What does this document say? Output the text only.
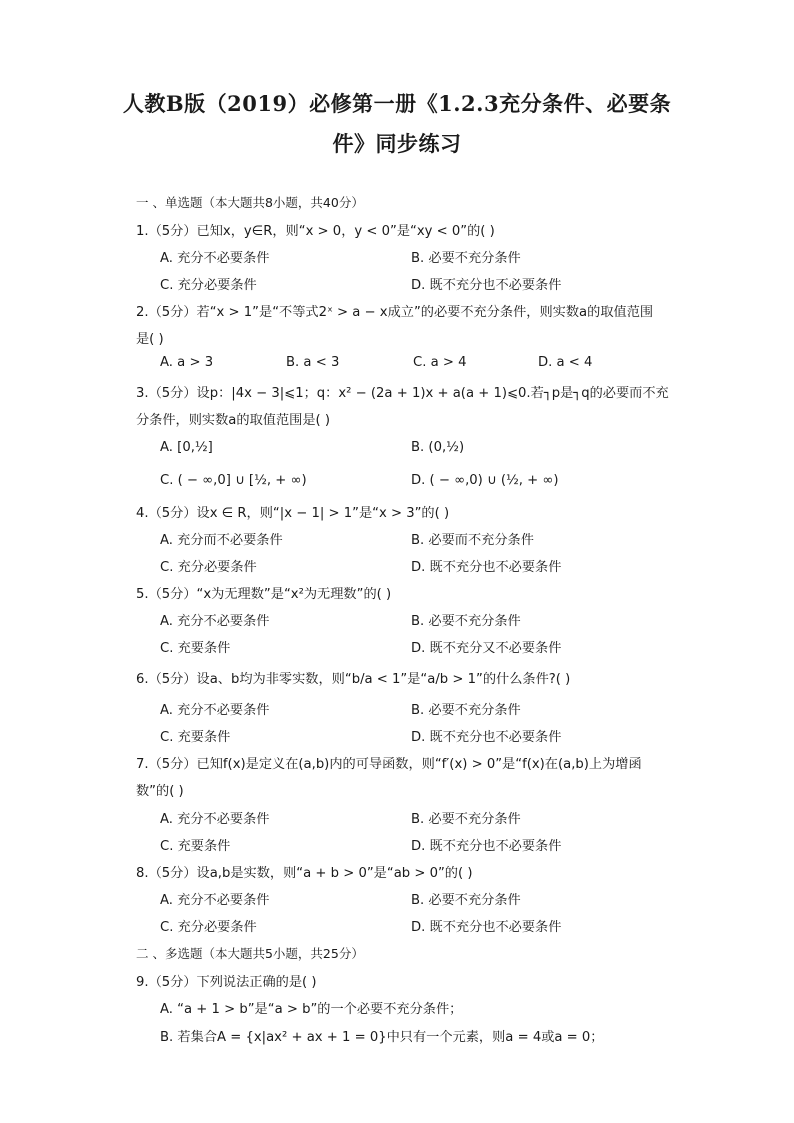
人教B版（2019）必修第一册《1.2.3充分条件、必要条
件》同步练习
一 、单选题（本大题共8小题，共40分）
1.（5分）已知x，y∈R，则“x > 0，y < 0”是“xy < 0”的( )
A. 充分不必要条件	B. 必要不充分条件
C. 充分必要条件	D. 既不充分也不必要条件
2.（5分）若“x > 1”是“不等式2ˣ > a − x成立”的必要不充分条件，则实数a的取值范围
是( )
A. a > 3	B. a < 3	C. a > 4	D. a < 4
3.（5分）设p：|4x − 3|⩽1；q：x² − (2a + 1)x + a(a + 1)⩽0.若┐p是┐q的必要而不充
分条件，则实数a的取值范围是( )
A. [0,½]	B. (0,½)
C. ( − ∞,0] ∪ [½, + ∞)	D. ( − ∞,0) ∪ (½, + ∞)
4.（5分）设x ∈ R，则“|x − 1| > 1”是“x > 3”的( )
A. 充分而不必要条件	B. 必要而不充分条件
C. 充分必要条件	D. 既不充分也不必要条件
5.（5分）“x为无理数”是“x²为无理数”的( )
A. 充分不必要条件	B. 必要不充分条件
C. 充要条件	D. 既不充分又不必要条件
6.（5分）设a、b均为非零实数，则“b/a < 1”是“a/b > 1”的什么条件?( )
A. 充分不必要条件	B. 必要不充分条件
C. 充要条件	D. 既不充分也不必要条件
7.（5分）已知f(x)是定义在(a,b)内的可导函数，则“f′(x) > 0”是“f(x)在(a,b)上为增函
数”的( )
A. 充分不必要条件	B. 必要不充分条件
C. 充要条件	D. 既不充分也不必要条件
8.（5分）设a,b是实数，则“a + b > 0”是“ab > 0”的( )
A. 充分不必要条件	B. 必要不充分条件
C. 充分必要条件	D. 既不充分也不必要条件
二 、多选题（本大题共5小题，共25分）
9.（5分）下列说法正确的是( )
A. “a + 1 > b”是“a > b”的一个必要不充分条件；
B. 若集合A = {x|ax² + ax + 1 = 0}中只有一个元素，则a = 4或a = 0；
